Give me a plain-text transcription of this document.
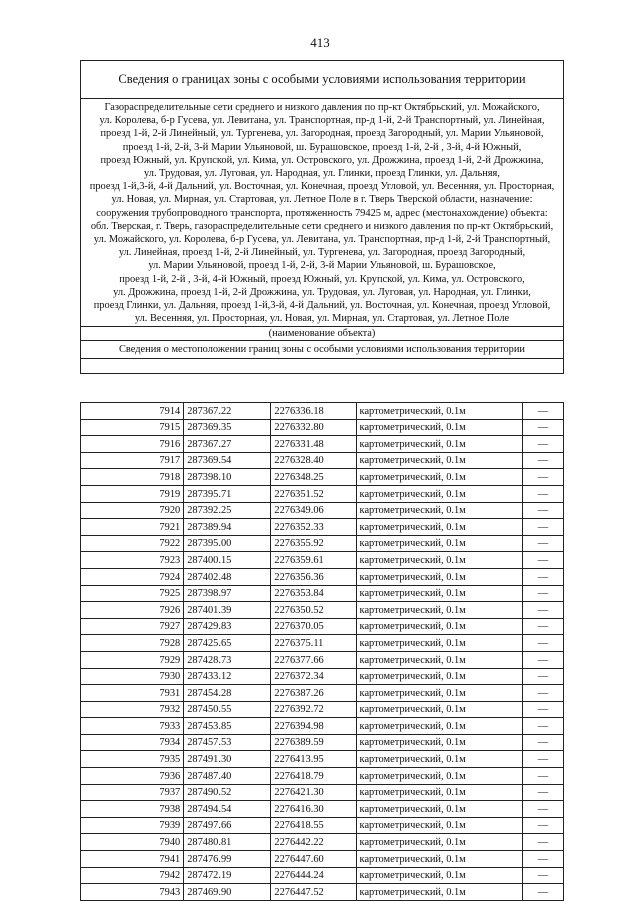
413
Сведения о границах зоны с особыми условиями использования территории
Газораспределительные сети среднего и низкого давления по пр-кт Октябрьский, ул. Можайского,
ул. Королева, б-р Гусева, ул. Левитана, ул. Транспортная, пр-д 1-й, 2-й Транспортный, ул. Линейная,
проезд 1-й, 2-й Линейный, ул. Тургенева, ул. Загородная, проезд Загородный, ул. Марии Ульяновой,
проезд 1-й, 2-й, 3-й Марии Ульяновой, ш. Бурашовское, проезд 1-й, 2-й , 3-й, 4-й Южный,
проезд Южный, ул. Крупской, ул. Кима, ул. Островского, ул. Дрожжина, проезд 1-й, 2-й Дрожжина,
ул. Трудовая, ул. Луговая, ул. Народная, ул. Глинки, проезд Глинки, ул. Дальняя,
проезд 1-й,3-й, 4-й Дальний, ул. Восточная, ул. Конечная, проезд Угловой, ул. Весенняя, ул. Просторная,
ул. Новая, ул. Мирная, ул. Стартовая, ул. Летное Поле в г. Тверь Тверской области, назначение:
сооружения трубопроводного транспорта, протяженность 79425 м, адрес (местонахождение) объекта:
обл. Тверская, г. Тверь, газораспределительные сети среднего и низкого давления по пр-кт Октябрьский,
ул. Можайского, ул. Королева, б-р Гусева, ул. Левитана, ул. Транспортная, пр-д 1-й, 2-й Транспортный,
ул. Линейная, проезд 1-й, 2-й Линейный, ул. Тургенева, ул. Загородная, проезд Загородный,
ул. Марии Ульяновой, проезд 1-й, 2-й, 3-й Марии Ульяновой, ш. Бурашовское,
проезд 1-й, 2-й , 3-й, 4-й Южный, проезд Южный, ул. Крупской, ул. Кима, ул. Островского,
ул. Дрожжина, проезд 1-й, 2-й Дрожжина, ул. Трудовая, ул. Луговая, ул. Народная, ул. Глинки,
проезд Глинки, ул. Дальняя, проезд 1-й,3-й, 4-й Дальний, ул. Восточная, ул. Конечная, проезд Угловой,
ул. Весенняя, ул. Просторная, ул. Новая, ул. Мирная, ул. Стартовая, ул. Летное Поле
(наименование объекта)
Сведения о местоположении границ зоны с особыми условиями использования территории
7914	287367.22	2276336.18	картометрический, 0.1м	—
7915	287369.35	2276332.80	картометрический, 0.1м	—
7916	287367.27	2276331.48	картометрический, 0.1м	—
7917	287369.54	2276328.40	картометрический, 0.1м	—
7918	287398.10	2276348.25	картометрический, 0.1м	—
7919	287395.71	2276351.52	картометрический, 0.1м	—
7920	287392.25	2276349.06	картометрический, 0.1м	—
7921	287389.94	2276352.33	картометрический, 0.1м	—
7922	287395.00	2276355.92	картометрический, 0.1м	—
7923	287400.15	2276359.61	картометрический, 0.1м	—
7924	287402.48	2276356.36	картометрический, 0.1м	—
7925	287398.97	2276353.84	картометрический, 0.1м	—
7926	287401.39	2276350.52	картометрический, 0.1м	—
7927	287429.83	2276370.05	картометрический, 0.1м	—
7928	287425.65	2276375.11	картометрический, 0.1м	—
7929	287428.73	2276377.66	картометрический, 0.1м	—
7930	287433.12	2276372.34	картометрический, 0.1м	—
7931	287454.28	2276387.26	картометрический, 0.1м	—
7932	287450.55	2276392.72	картометрический, 0.1м	—
7933	287453.85	2276394.98	картометрический, 0.1м	—
7934	287457.53	2276389.59	картометрический, 0.1м	—
7935	287491.30	2276413.95	картометрический, 0.1м	—
7936	287487.40	2276418.79	картометрический, 0.1м	—
7937	287490.52	2276421.30	картометрический, 0.1м	—
7938	287494.54	2276416.30	картометрический, 0.1м	—
7939	287497.66	2276418.55	картометрический, 0.1м	—
7940	287480.81	2276442.22	картометрический, 0.1м	—
7941	287476.99	2276447.60	картометрический, 0.1м	—
7942	287472.19	2276444.24	картометрический, 0.1м	—
7943	287469.90	2276447.52	картометрический, 0.1м	—
